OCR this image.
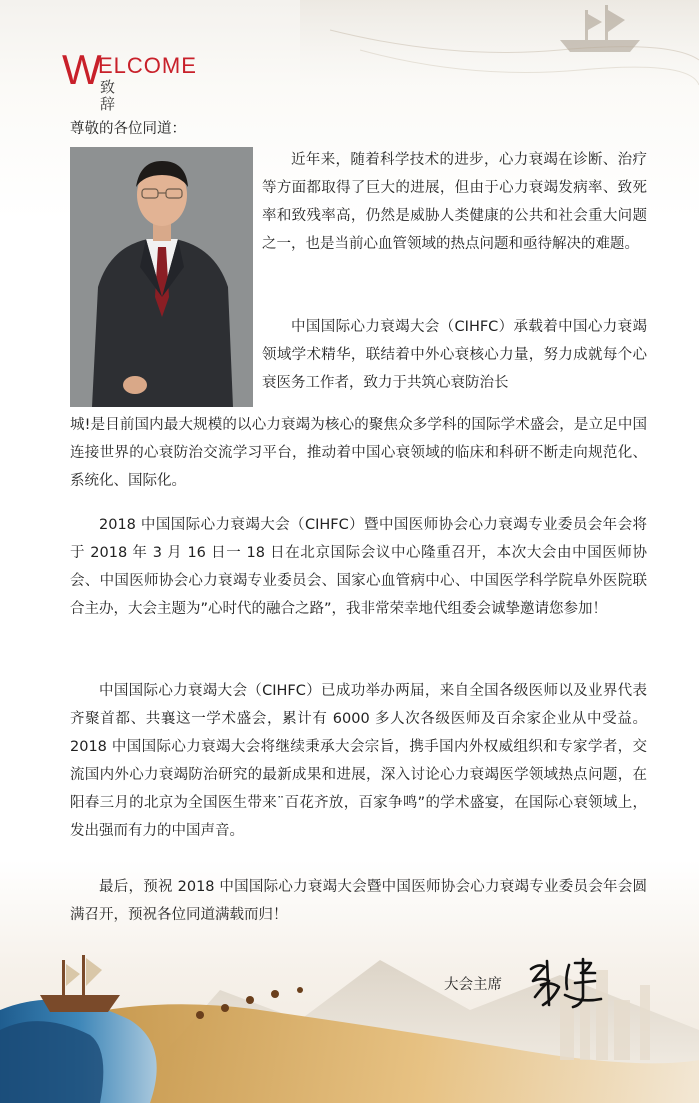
W
ELCOME
致辞
尊敬的各位同道：

近年来，随着科学技术的进步，心力衰竭在诊断、治疗等方面都取得了巨大的进展，但由于心力衰竭发病率、致死率和致残率高，仍然是威胁人类健康的公共和社会重大问题之一，也是当前心血管领域的热点问题和亟待解决的难题。

中国国际心力衰竭大会（CIHFC）承载着中国心力衰竭领域学术精华，联结着中外心衰核心力量，努力成就每个心衰医务工作者，致力于共筑心衰防治长

城!是目前国内最大规模的以心力衰竭为核心的聚焦众多学科的国际学术盛会，是立足中国连接世界的心衰防治交流学习平台，推动着中国心衰领域的临床和科研不断走向规范化、系统化、国际化。

2018 中国国际心力衰竭大会（CIHFC）暨中国医师协会心力衰竭专业委员会年会将于 2018 年 3 月 16 日一 18 日在北京国际会议中心隆重召开，本次大会由中国医师协会、中国医师协会心力衰竭专业委员会、国家心血管病中心、中国医学科学院阜外医院联合主办，大会主题为”心时代的融合之路”，我非常荣幸地代组委会诚挚邀请您参加！

中国国际心力衰竭大会（CIHFC）已成功举办两届，来自全国各级医师以及业界代表齐聚首都、共襄这一学术盛会，累计有 6000 多人次各级医师及百余家企业从中受益。2018 中国国际心力衰竭大会将继续秉承大会宗旨，携手国内外权威组织和专家学者，交流国内外心力衰竭防治研究的最新成果和进展，深入讨论心力衰竭医学领域热点问题，在阳春三月的北京为全国医生带来¨百花齐放，百家争鸣”的学术盛宴，在国际心衰领域上，发出强而有力的中国声音。

最后，预祝 2018 中国国际心力衰竭大会暨中国医师协会心力衰竭专业委员会年会圆满召开，预祝各位同道满载而归！

大会主席
